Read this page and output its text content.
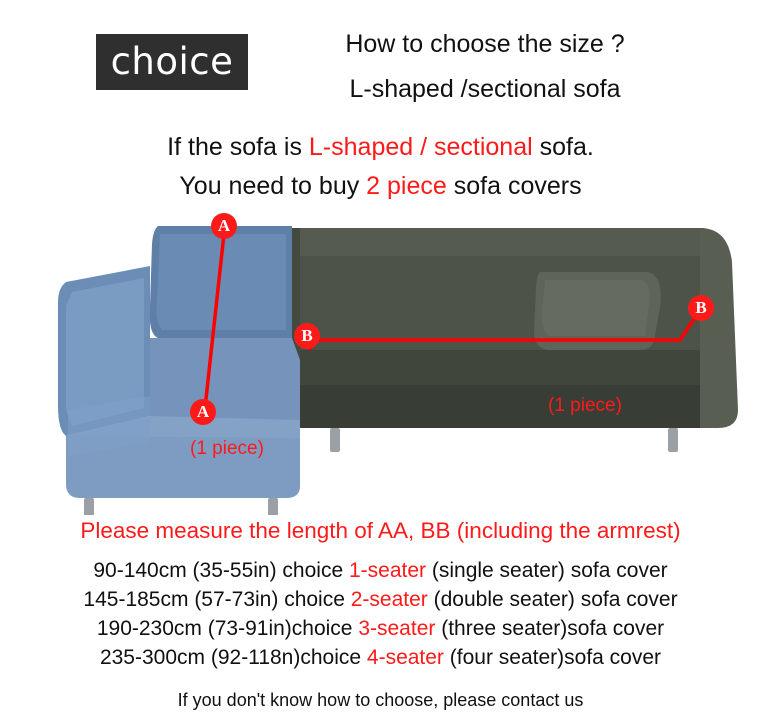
choice	How to choose the size ?
L-shaped /sectional sofa
If the sofa is L-shaped / sectional sofa.
You need to buy 2 piece sofa covers
A
A
B
B
(1 piece)
(1 piece)
Please measure the length of AA, BB (including the armrest)
90-140cm (35-55in) choice 1-seater (single seater) sofa cover
145-185cm (57-73in) choice 2-seater (double seater) sofa cover
190-230cm (73-91in)choice 3-seater (three seater)sofa cover
235-300cm (92-118n)choice 4-seater (four seater)sofa cover
If you don't know how to choose, please contact us
